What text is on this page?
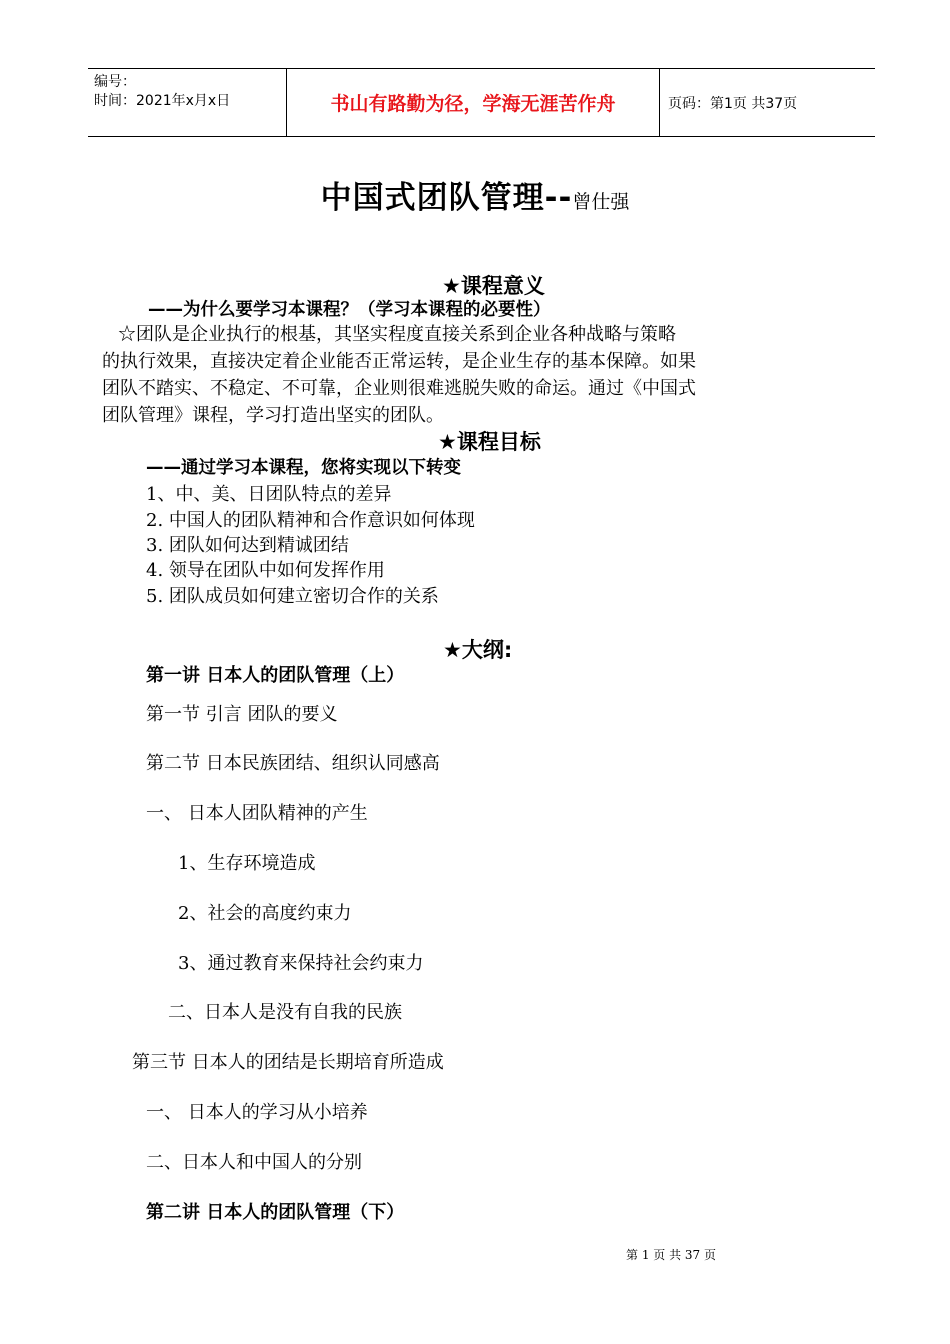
编号：
时间：2021年x月x日	书山有路勤为径，学海无涯苦作舟	页码：第1页 共37页
中国式团队管理--曾仕强
★课程意义
——为什么要学习本课程？（学习本课程的必要性）
☆团队是企业执行的根基，其坚实程度直接关系到企业各种战略与策略
的执行效果，直接决定着企业能否正常运转，是企业生存的基本保障。如果
团队不踏实、不稳定、不可靠，企业则很难逃脱失败的命运。通过《中国式
团队管理》课程，学习打造出坚实的团队。
★课程目标
——通过学习本课程，您将实现以下转变
1、中、美、日团队特点的差异
2. 中国人的团队精神和合作意识如何体现
3. 团队如何达到精诚团结
4. 领导在团队中如何发挥作用
5. 团队成员如何建立密切合作的关系
★大纲:
第一讲 日本人的团队管理（上）
第一节 引言 团队的要义
第二节 日本民族团结、组织认同感高
一、 日本人团队精神的产生
1、生存环境造成
2、社会的高度约束力
3、通过教育来保持社会约束力
二、日本人是没有自我的民族
第三节 日本人的团结是长期培育所造成
一、 日本人的学习从小培养
二、日本人和中国人的分别
第二讲 日本人的团队管理（下）
第 1 页 共 37 页
